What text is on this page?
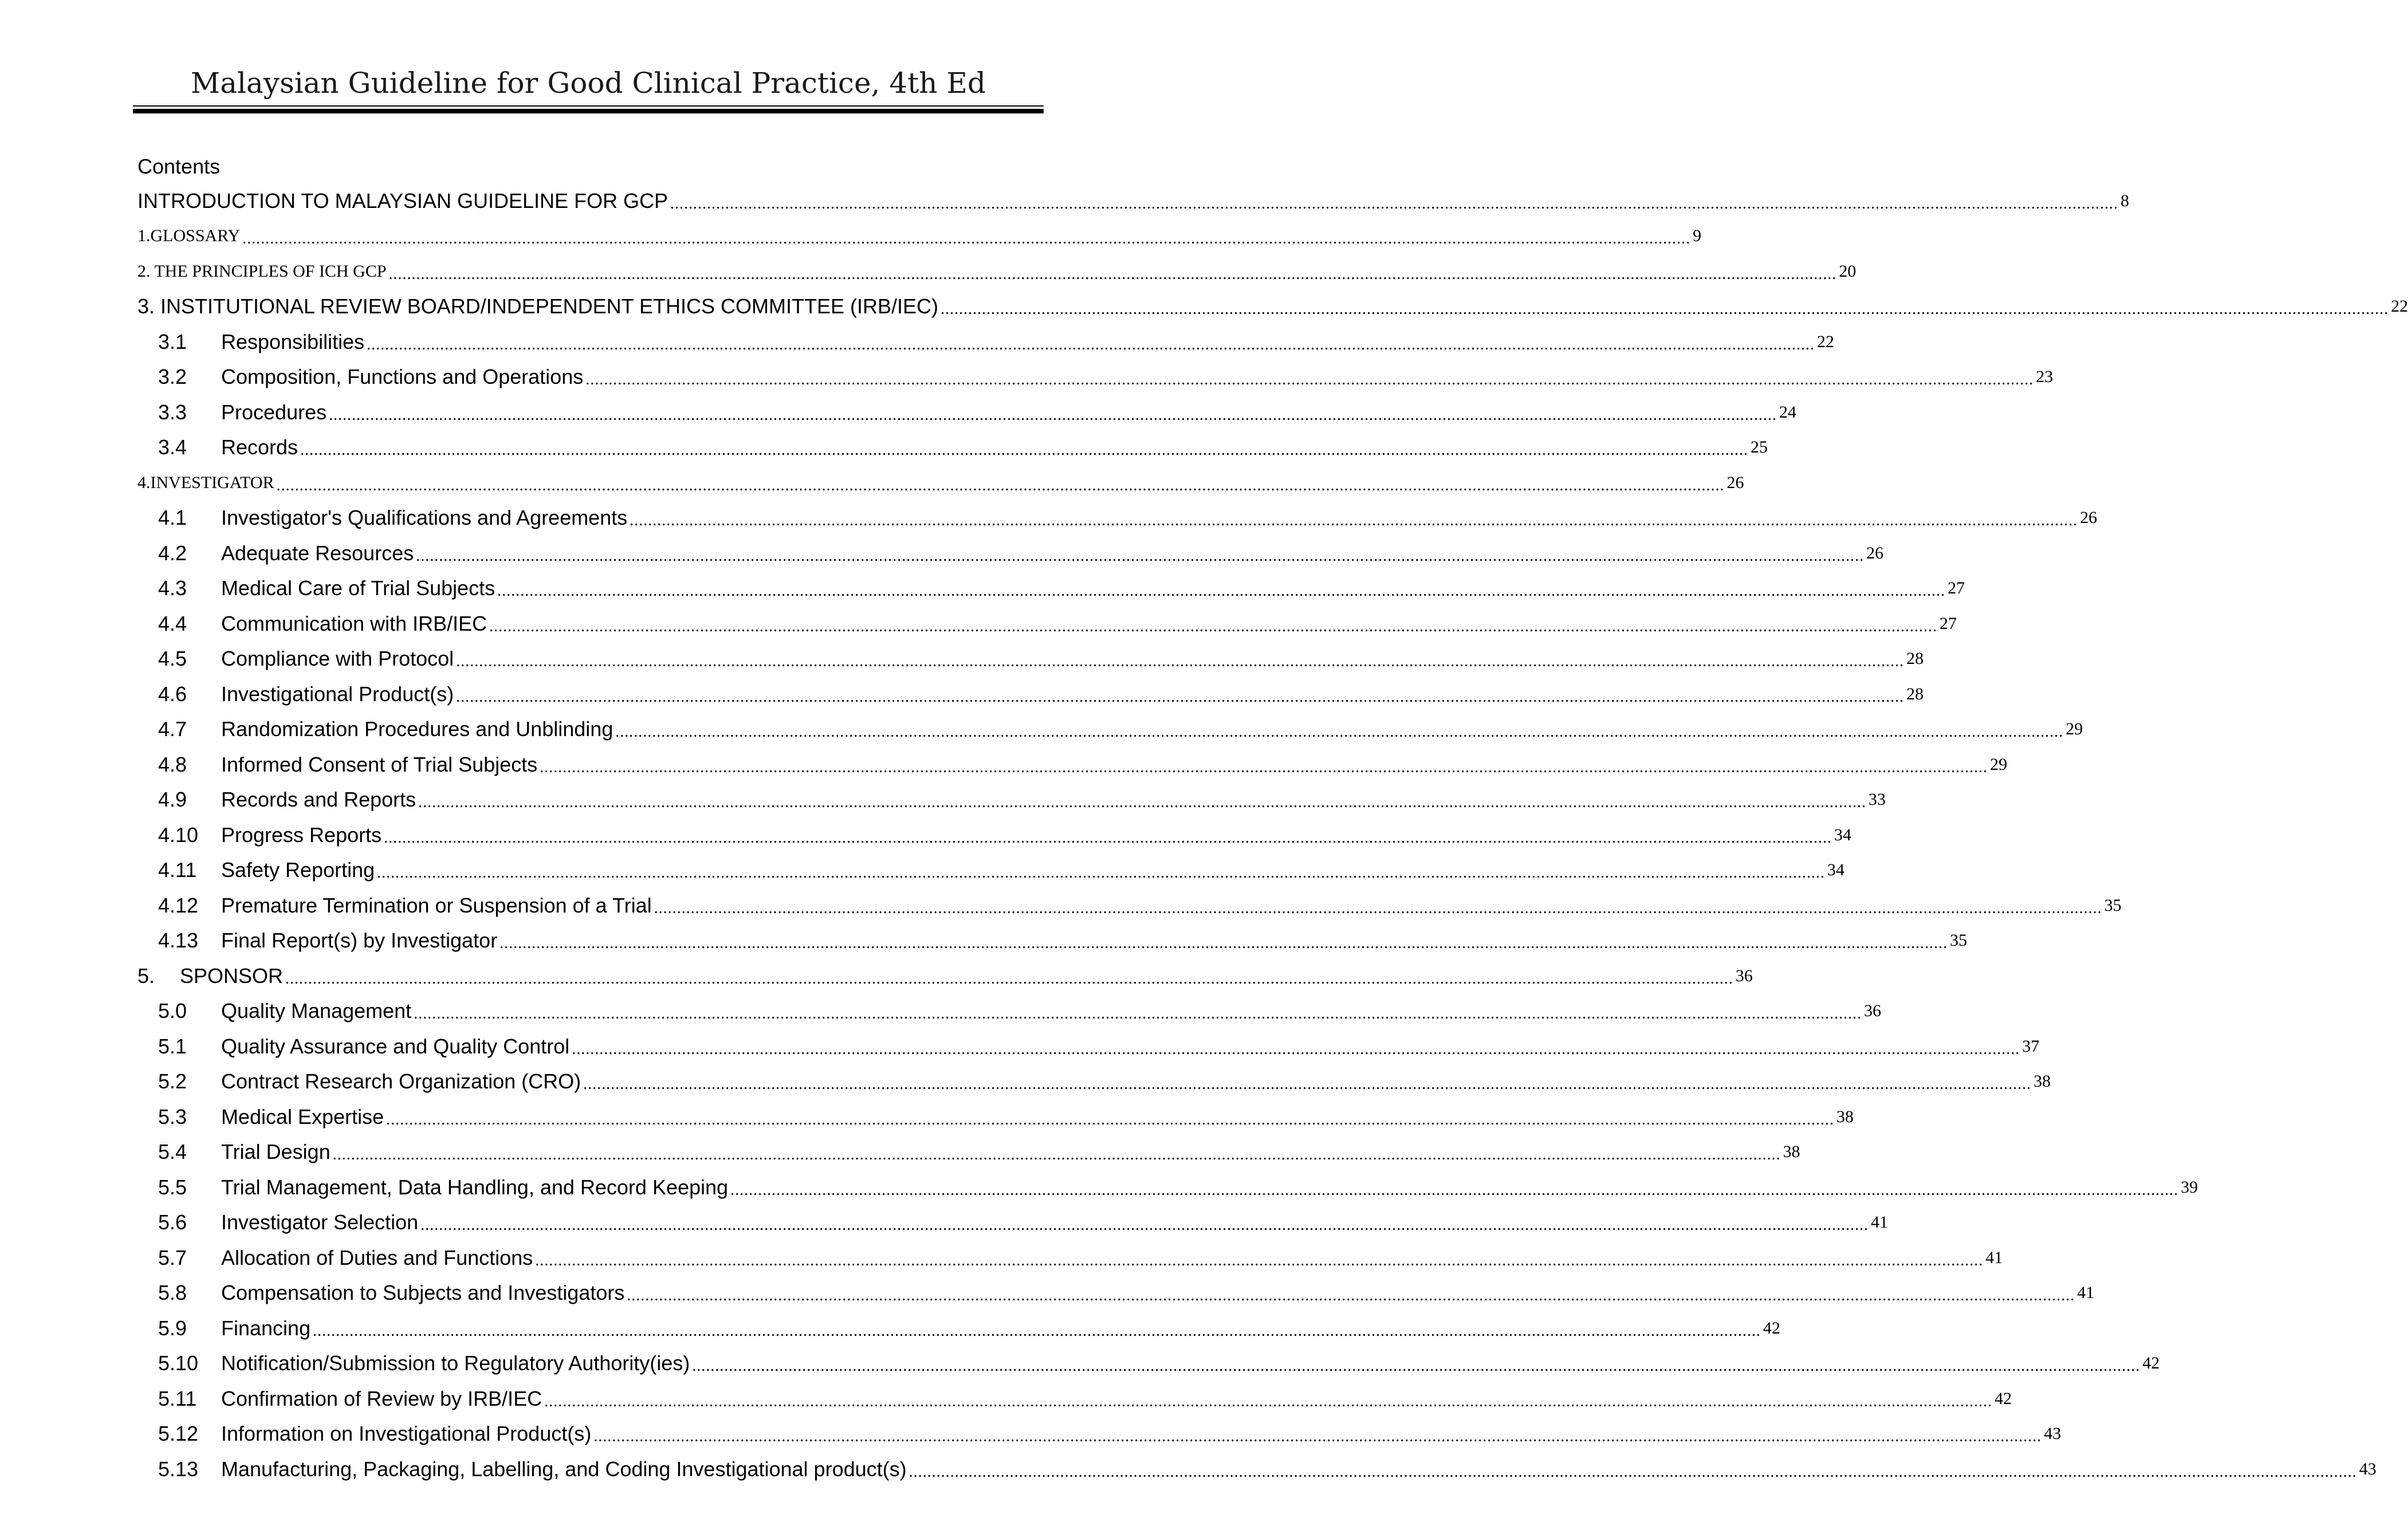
Malaysian Guideline for Good Clinical Practice, 4th Ed
Contents
INTRODUCTION TO MALAYSIAN GUIDELINE FOR GCP ............................................................................................................................................................................................................................................................................................................................ 8
1.GLOSSARY ............................................................................................................................................................................................................................................................................................................................ 9
2. THE PRINCIPLES OF ICH GCP ............................................................................................................................................................................................................................................................................................................................ 20
3. INSTITUTIONAL REVIEW BOARD/INDEPENDENT ETHICS COMMITTEE (IRB/IEC) ............................................................................................................................................................................................................................................................................................................................ 22
3.1	Responsibilities ............................................................................................................................................................................................................................................................................................................................ 22
3.2	Composition, Functions and Operations ............................................................................................................................................................................................................................................................................................................................ 23
3.3	Procedures ............................................................................................................................................................................................................................................................................................................................ 24
3.4	Records ............................................................................................................................................................................................................................................................................................................................ 25
4.INVESTIGATOR ............................................................................................................................................................................................................................................................................................................................ 26
4.1	Investigator's Qualifications and Agreements ............................................................................................................................................................................................................................................................................................................................ 26
4.2	Adequate Resources ............................................................................................................................................................................................................................................................................................................................ 26
4.3	Medical Care of Trial Subjects ............................................................................................................................................................................................................................................................................................................................ 27
4.4	Communication with IRB/IEC ............................................................................................................................................................................................................................................................................................................................ 27
4.5	Compliance with Protocol ............................................................................................................................................................................................................................................................................................................................ 28
4.6	Investigational Product(s) ............................................................................................................................................................................................................................................................................................................................ 28
4.7	Randomization Procedures and Unblinding ............................................................................................................................................................................................................................................................................................................................ 29
4.8	Informed Consent of Trial Subjects ............................................................................................................................................................................................................................................................................................................................ 29
4.9	Records and Reports ............................................................................................................................................................................................................................................................................................................................ 33
4.10	Progress Reports ............................................................................................................................................................................................................................................................................................................................ 34
4.11	Safety Reporting ............................................................................................................................................................................................................................................................................................................................ 34
4.12	Premature Termination or Suspension of a Trial ............................................................................................................................................................................................................................................................................................................................ 35
4.13	Final Report(s) by Investigator ............................................................................................................................................................................................................................................................................................................................ 35
5.	SPONSOR ............................................................................................................................................................................................................................................................................................................................ 36
5.0	Quality Management ............................................................................................................................................................................................................................................................................................................................ 36
5.1	Quality Assurance and Quality Control ............................................................................................................................................................................................................................................................................................................................ 37
5.2	Contract Research Organization (CRO) ............................................................................................................................................................................................................................................................................................................................ 38
5.3	Medical Expertise ............................................................................................................................................................................................................................................................................................................................ 38
5.4	Trial Design ............................................................................................................................................................................................................................................................................................................................ 38
5.5	Trial Management, Data Handling, and Record Keeping ............................................................................................................................................................................................................................................................................................................................ 39
5.6	Investigator Selection ............................................................................................................................................................................................................................................................................................................................ 41
5.7	Allocation of Duties and Functions ............................................................................................................................................................................................................................................................................................................................ 41
5.8	Compensation to Subjects and Investigators ............................................................................................................................................................................................................................................................................................................................ 41
5.9	Financing ............................................................................................................................................................................................................................................................................................................................ 42
5.10	Notification/Submission to Regulatory Authority(ies) ............................................................................................................................................................................................................................................................................................................................ 42
5.11	Confirmation of Review by IRB/IEC ............................................................................................................................................................................................................................................................................................................................ 42
5.12	Information on Investigational Product(s) ............................................................................................................................................................................................................................................................................................................................ 43
5.13	Manufacturing, Packaging, Labelling, and Coding Investigational product(s) ............................................................................................................................................................................................................................................................................................................................ 43
